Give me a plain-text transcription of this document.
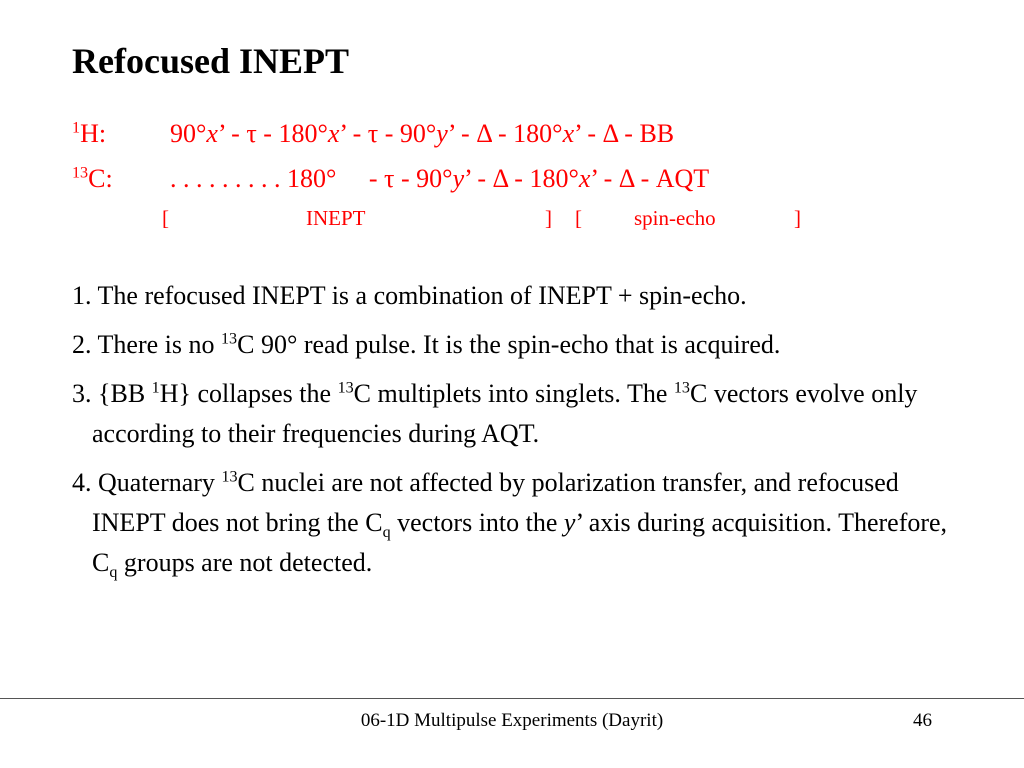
Refocused INEPT
$^1$H: 90°x’ - τ - 180°x’ - τ - 90°y’ - Δ - 180°x’ - Δ - BB
$^{13}$C: . . . . . . . . . 180°     - τ - 90°y’ - Δ - 180°x’ - Δ - AQT
[	INEPT	] [ spin-echo	]
1. The refocused INEPT is a combination of INEPT + spin-echo.
2. There is no $^{13}$C 90° read pulse. It is the spin-echo that is acquired.
3. {BB $^1$H} collapses the $^{13}$C multiplets into singlets. The $^{13}$C vectors evolve only according to their frequencies during AQT.
4. Quaternary $^{13}$C nuclei are not affected by polarization transfer, and refocused INEPT does not bring the $C_q$ vectors into the y’ axis during acquisition. Therefore, $C_q$ groups are not detected.
06-1D Multipulse Experiments (Dayrit)	46
